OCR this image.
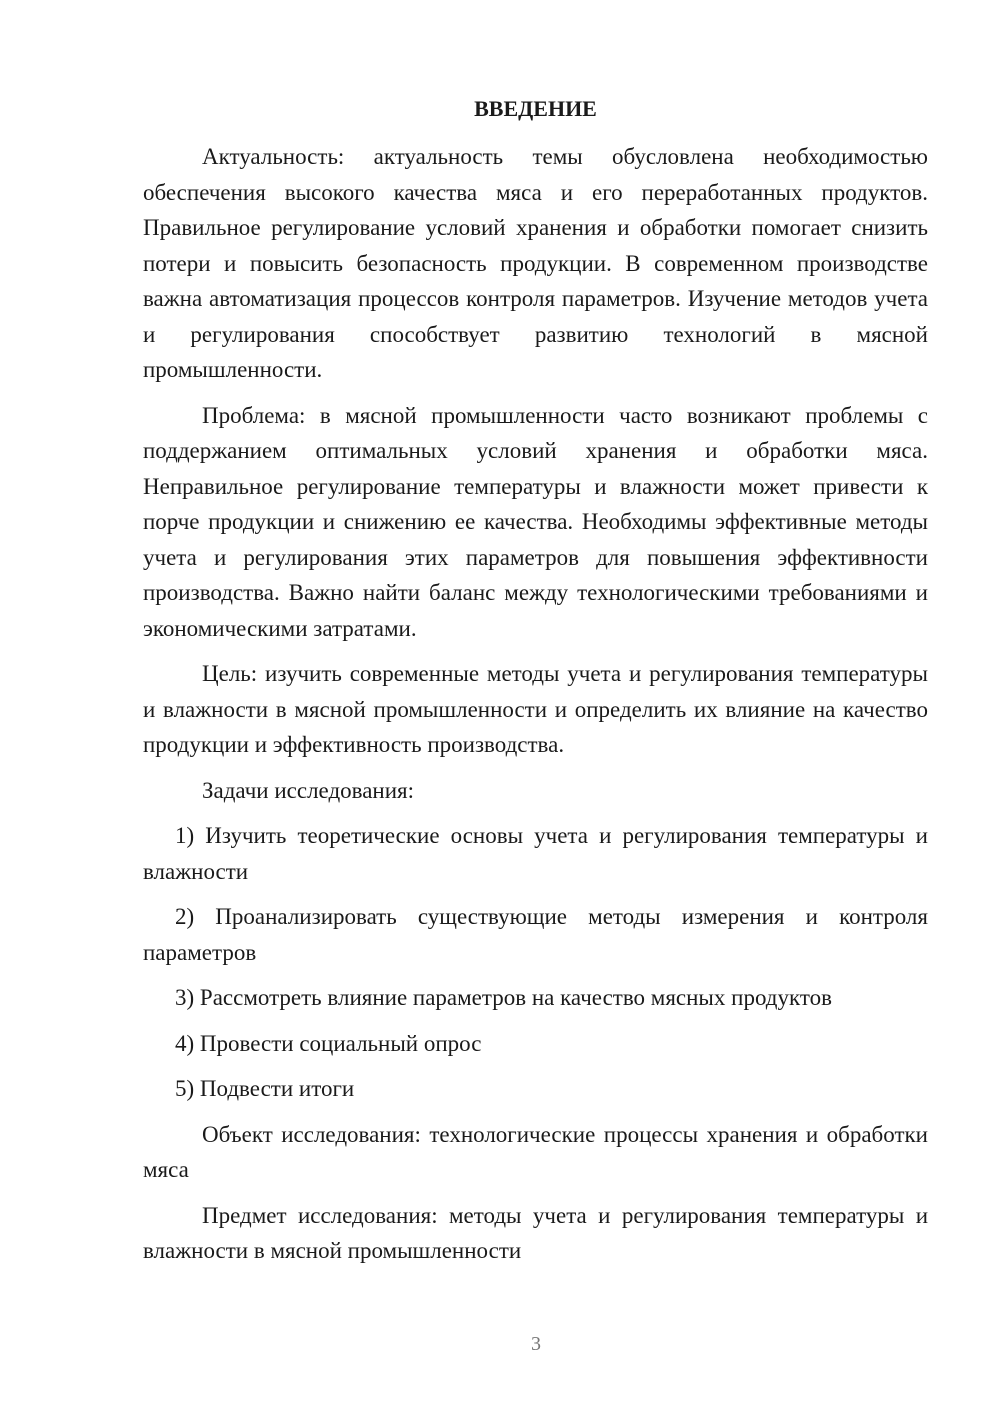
ВВЕДЕНИЕ

Актуальность: актуальность темы обусловлена необходимостью обеспечения высокого качества мяса и его переработанных продуктов. Правильное регулирование условий хранения и обработки помогает снизить потери и повысить безопасность продукции. В современном производстве важна автоматизация процессов контроля параметров. Изучение методов учета и регулирования способствует развитию технологий в мясной промышленности.

Проблема: в мясной промышленности часто возникают проблемы с поддержанием оптимальных условий хранения и обработки мяса. Неправильное регулирование температуры и влажности может привести к порче продукции и снижению ее качества. Необходимы эффективные методы учета и регулирования этих параметров для повышения эффективности производства. Важно найти баланс между технологическими требованиями и экономическими затратами.

Цель: изучить современные методы учета и регулирования температуры и влажности в мясной промышленности и определить их влияние на качество продукции и эффективность производства.

Задачи исследования:

1) Изучить теоретические основы учета и регулирования температуры и влажности

2) Проанализировать существующие методы измерения и контроля параметров

3) Рассмотреть влияние параметров на качество мясных продуктов

4) Провести социальный опрос

5) Подвести итоги

Объект исследования: технологические процессы хранения и обработки мяса

Предмет исследования: методы учета и регулирования температуры и влажности в мясной промышленности

3
